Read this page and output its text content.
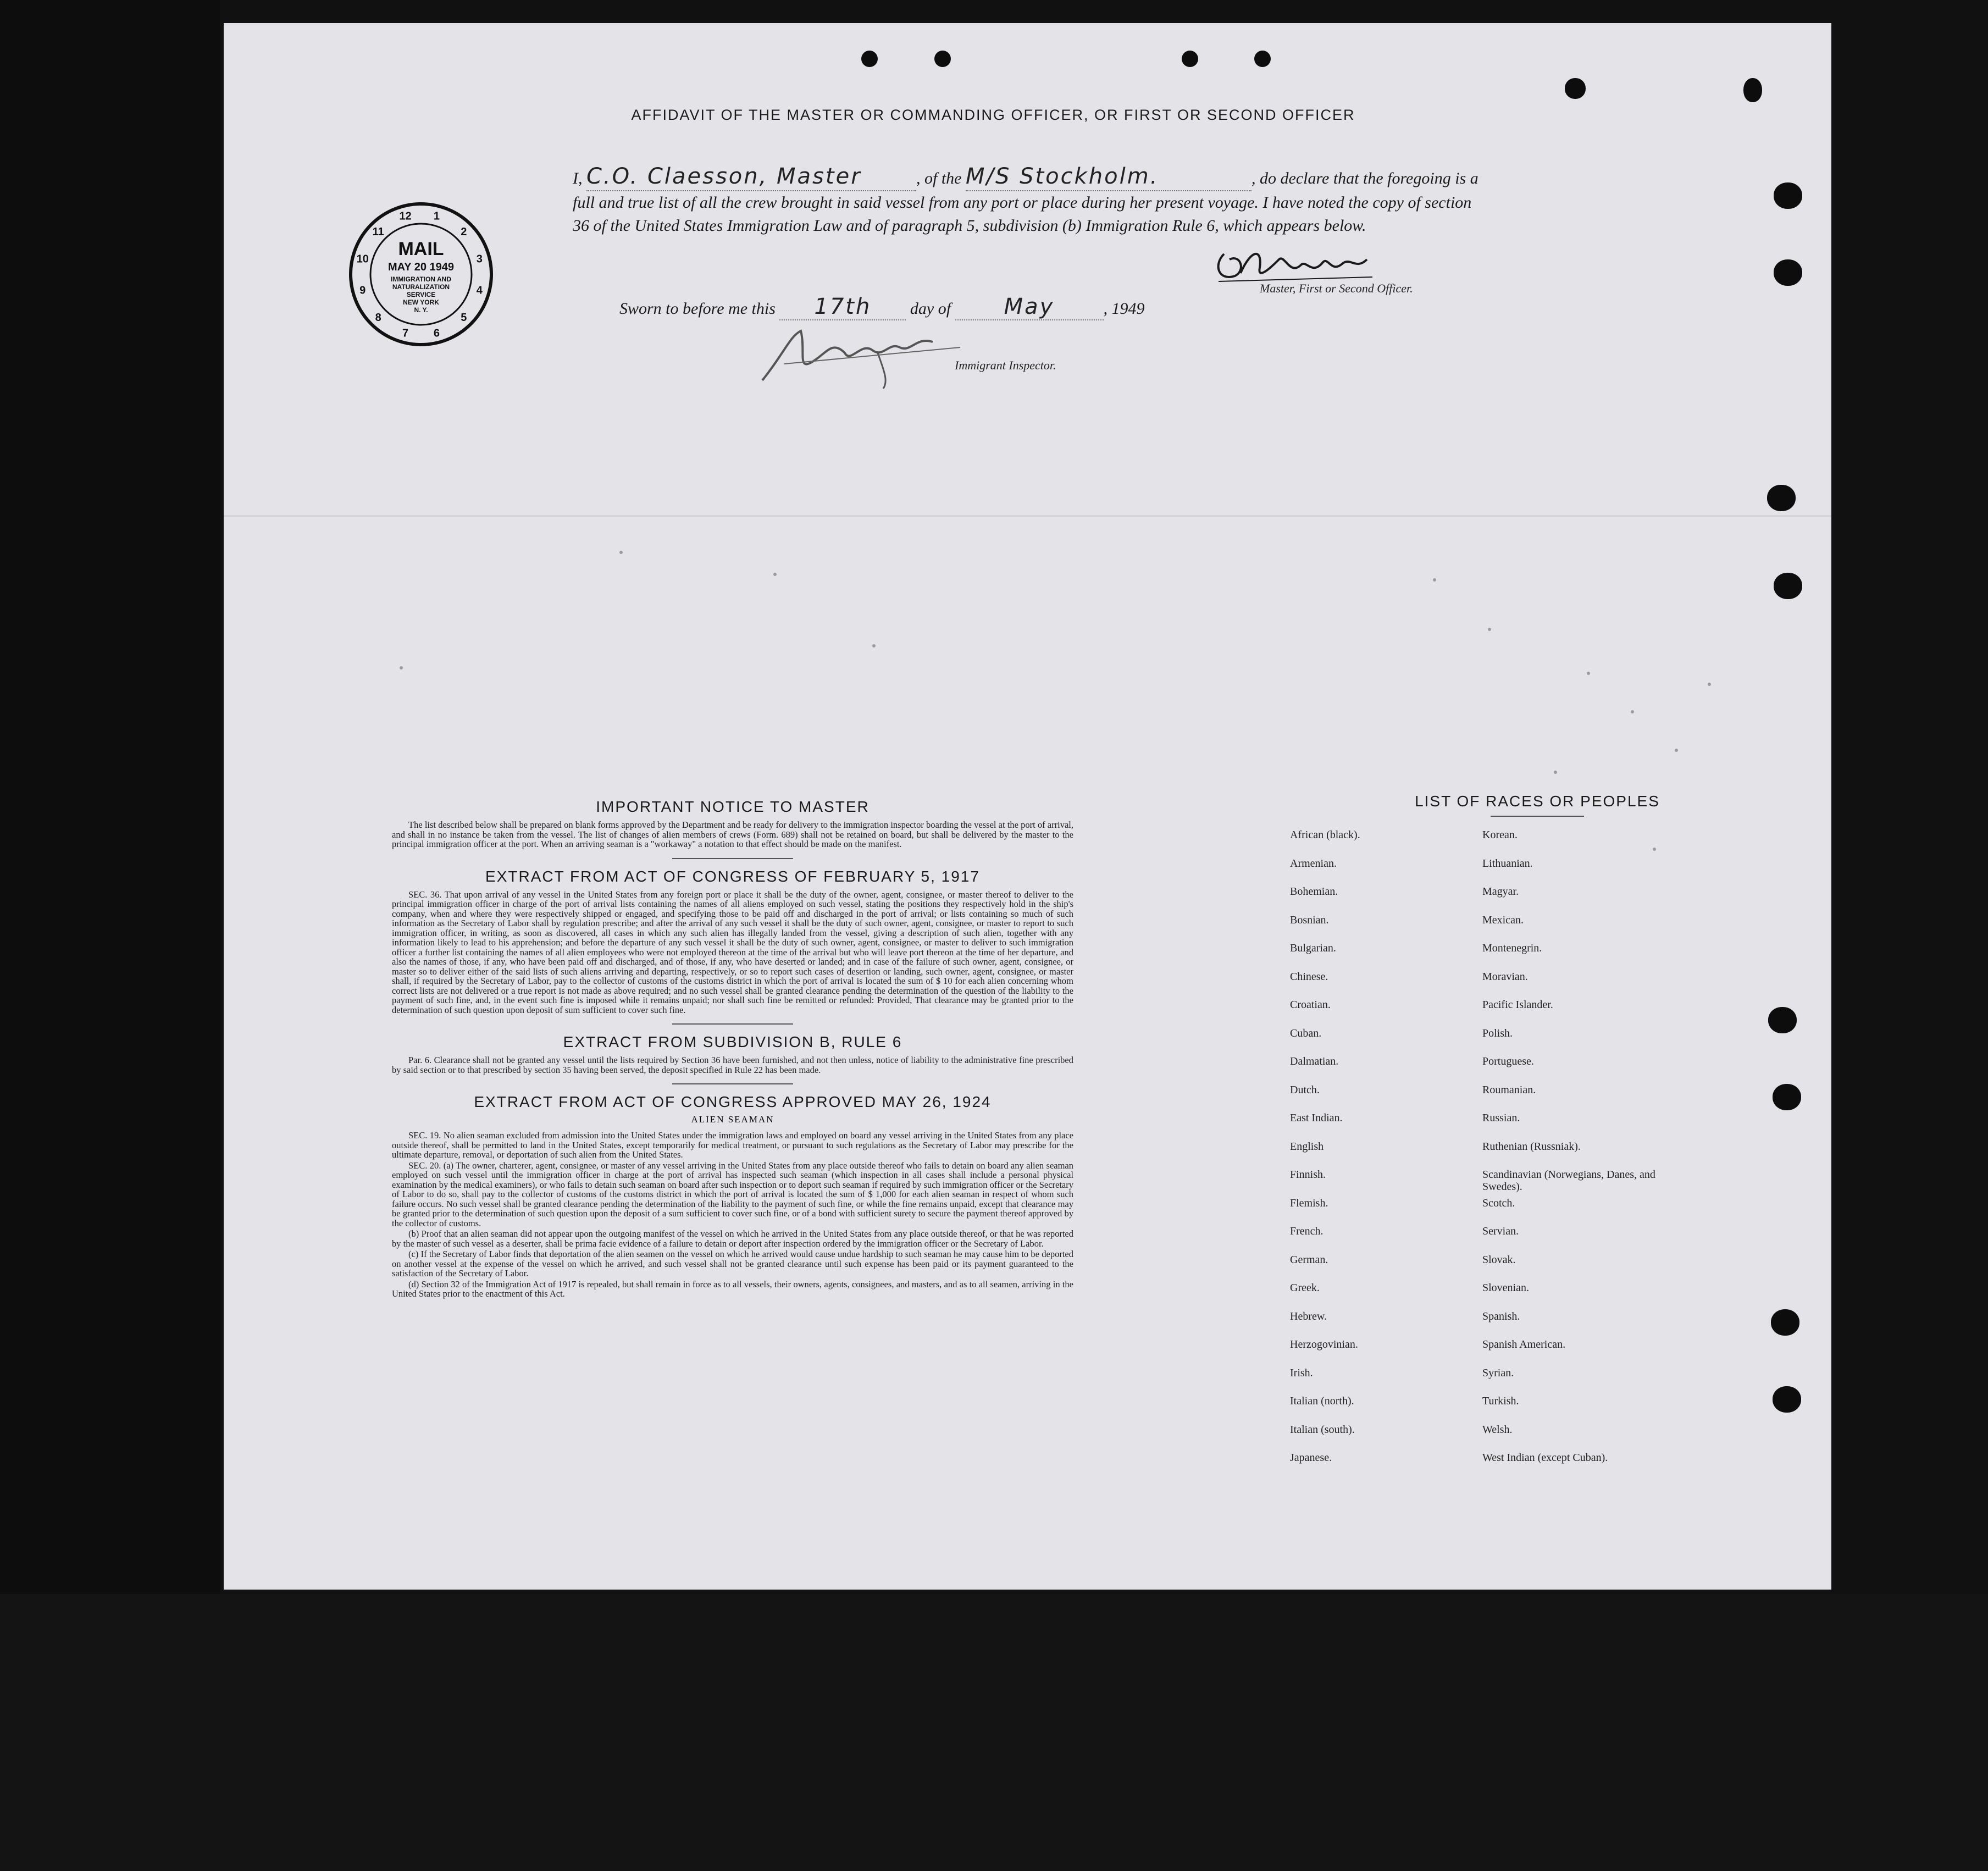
AFFIDAVIT OF THE MASTER OR COMMANDING OFFICER, OR FIRST OR SECOND OFFICER
I, C.O. Claesson, Master	, of the M/S Stockholm.	, do declare that the foregoing is a full and true list of all the crew brought in said vessel from any port or place during her present voyage. I have noted the copy of section 36 of the United States Immigration Law and of paragraph 5, subdivision (b) Immigration Rule 6, which appears below.
Master, First or Second Officer.
Sworn to before me this 17th day of May	, 1949
Immigrant Inspector.
MAIL
MAY 20 1949
IMMIGRATION AND
NATURALIZATION
SERVICE
NEW YORK
N. Y.
12 1
2
3
4
5
6
7
8
9
10
11
IMPORTANT NOTICE TO MASTER

The list described below shall be prepared on blank forms approved by the Department and be ready for delivery to the immigration inspector boarding the vessel at the port of arrival, and shall in no instance be taken from the vessel. The list of changes of alien members of crews (Form. 689) shall not be retained on board, but shall be delivered by the master to the principal immigration officer at the port. When an arriving seaman is a "workaway" a notation to that effect should be made on the manifest.

EXTRACT FROM ACT OF CONGRESS OF FEBRUARY 5, 1917

SEC. 36. That upon arrival of any vessel in the United States from any foreign port or place it shall be the duty of the owner, agent, consignee, or master thereof to deliver to the principal immigration officer in charge of the port of arrival lists containing the names of all aliens employed on such vessel, stating the positions they respectively hold in the ship's company, when and where they were respectively shipped or engaged, and specifying those to be paid off and discharged in the port of arrival; or lists containing so much of such information as the Secretary of Labor shall by regulation prescribe; and after the arrival of any such vessel it shall be the duty of such owner, agent, consignee, or master to report to such immigration officer, in writing, as soon as discovered, all cases in which any such alien has illegally landed from the vessel, giving a description of such alien, together with any information likely to lead to his apprehension; and before the departure of any such vessel it shall be the duty of such owner, agent, consignee, or master to deliver to such immigration officer a further list containing the names of all alien employees who were not employed thereon at the time of the arrival but who will leave port thereon at the time of her departure, and also the names of those, if any, who have been paid off and discharged, and of those, if any, who have deserted or landed; and in case of the failure of such owner, agent, consignee, or master so to deliver either of the said lists of such aliens arriving and departing, respectively, or so to report such cases of desertion or landing, such owner, agent, consignee, or master shall, if required by the Secretary of Labor, pay to the collector of customs of the customs district in which the port of arrival is located the sum of $ 10 for each alien concerning whom correct lists are not delivered or a true report is not made as above required; and no such vessel shall be granted clearance pending the determination of the question of the liability to the payment of such fine, and, in the event such fine is imposed while it remains unpaid; nor shall such fine be remitted or refunded: Provided, That clearance may be granted prior to the determination of such question upon deposit of sum sufficient to cover such fine.

EXTRACT FROM SUBDIVISION B, RULE 6

Par. 6. Clearance shall not be granted any vessel until the lists required by Section 36 have been furnished, and not then unless, notice of liability to the administrative fine prescribed by said section or to that prescribed by section 35 having been served, the deposit specified in Rule 22 has been made.

EXTRACT FROM ACT OF CONGRESS APPROVED MAY 26, 1924
ALIEN SEAMAN

SEC. 19. No alien seaman excluded from admission into the United States under the immigration laws and employed on board any vessel arriving in the United States from any place outside thereof, shall be permitted to land in the United States, except temporarily for medical treatment, or pursuant to such regulations as the Secretary of Labor may prescribe for the ultimate departure, removal, or deportation of such alien from the United States.

SEC. 20. (a) The owner, charterer, agent, consignee, or master of any vessel arriving in the United States from any place outside thereof who fails to detain on board any alien seaman employed on such vessel until the immigration officer in charge at the port of arrival has inspected such seaman (which inspection in all cases shall include a personal physical examination by the medical examiners), or who fails to detain such seaman on board after such inspection or to deport such seaman if required by such immigration officer or the Secretary of Labor to do so, shall pay to the collector of customs of the customs district in which the port of arrival is located the sum of $ 1,000 for each alien seaman in respect of whom such failure occurs. No such vessel shall be granted clearance pending the determination of the liability to the payment of such fine, or while the fine remains unpaid, except that clearance may be granted prior to the determination of such question upon the deposit of a sum sufficient to cover such fine, or of a bond with sufficient surety to secure the payment thereof approved by the collector of customs.

(b) Proof that an alien seaman did not appear upon the outgoing manifest of the vessel on which he arrived in the United States from any place outside thereof, or that he was reported by the master of such vessel as a deserter, shall be prima facie evidence of a failure to detain or deport after inspection ordered by the immigration officer or the Secretary of Labor.

(c) If the Secretary of Labor finds that deportation of the alien seamen on the vessel on which he arrived would cause undue hardship to such seaman he may cause him to be deported on another vessel at the expense of the vessel on which he arrived, and such vessel shall not be granted clearance until such expense has been paid or its payment guaranteed to the satisfaction of the Secretary of Labor.

(d) Section 32 of the Immigration Act of 1917 is repealed, but shall remain in force as to all vessels, their owners, agents, consignees, and masters, and as to all seamen, arriving in the United States prior to the enactment of this Act.

LIST OF RACES OR PEOPLES
African (black).	Korean.
Armenian.	Lithuanian.
Bohemian.	Magyar.
Bosnian.	Mexican.
Bulgarian.	Montenegrin.
Chinese.	Moravian.
Croatian.	Pacific Islander.
Cuban.	Polish.
Dalmatian.	Portuguese.
Dutch.	Roumanian.
East Indian.	Russian.
English	Ruthenian (Russniak).
Finnish.	Scandinavian (Norwegians, Danes, and Swedes).
Flemish.	Scotch.
French.	Servian.
German.	Slovak.
Greek.	Slovenian.
Hebrew.	Spanish.
Herzogovinian.	Spanish American.
Irish.	Syrian.
Italian (north).	Turkish.
Italian (south).	Welsh.
Japanese.	West Indian (except Cuban).
